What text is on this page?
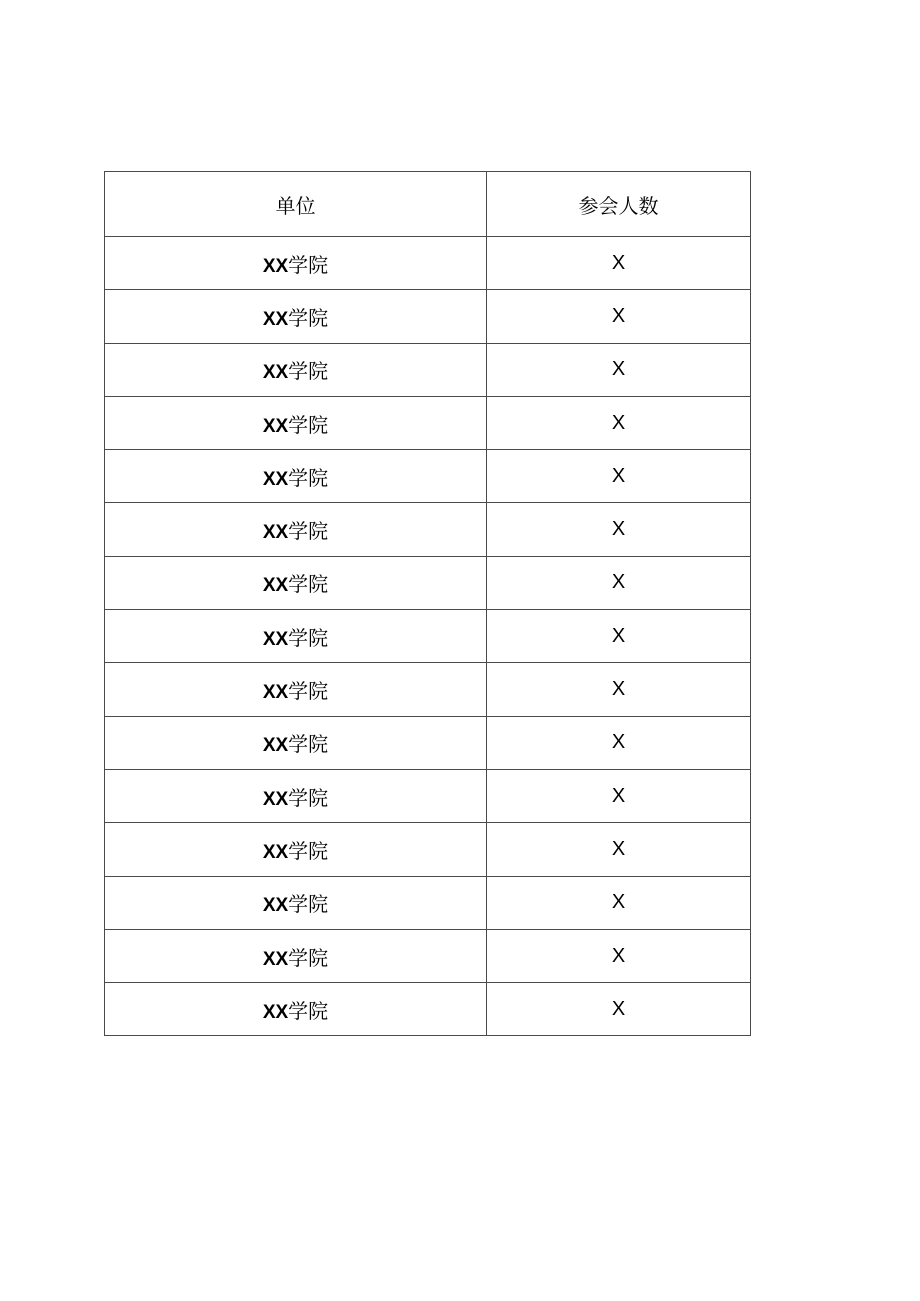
单位	参会人数
XX学院	X
XX学院	X
XX学院	X
XX学院	X
XX学院	X
XX学院	X
XX学院	X
XX学院	X
XX学院	X
XX学院	X
XX学院	X
XX学院	X
XX学院	X
XX学院	X
XX学院	X
